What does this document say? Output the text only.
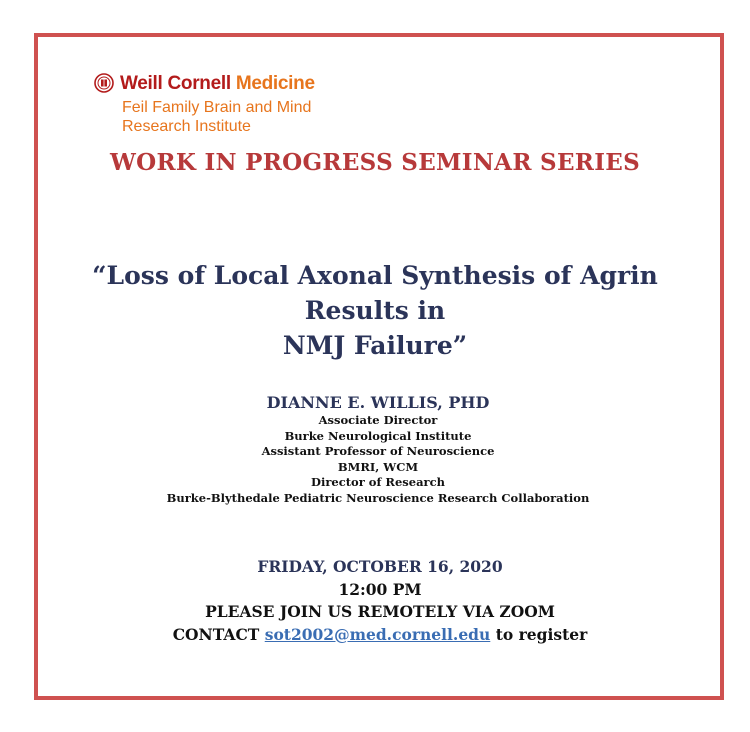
Weill Cornell Medicine
Feil Family Brain and Mind
Research Institute
WORK IN PROGRESS SEMINAR SERIES
“Loss of Local Axonal Synthesis of Agrin Results in
NMJ Failure”
DIANNE E. WILLIS, PHD
Associate Director
Burke Neurological Institute
Assistant Professor of Neuroscience
BMRI, WCM
Director of Research
Burke-Blythedale Pediatric Neuroscience Research Collaboration
FRIDAY, OCTOBER 16, 2020
12:00 PM
PLEASE JOIN US REMOTELY VIA ZOOM
CONTACT sot2002@med.cornell.edu to register
